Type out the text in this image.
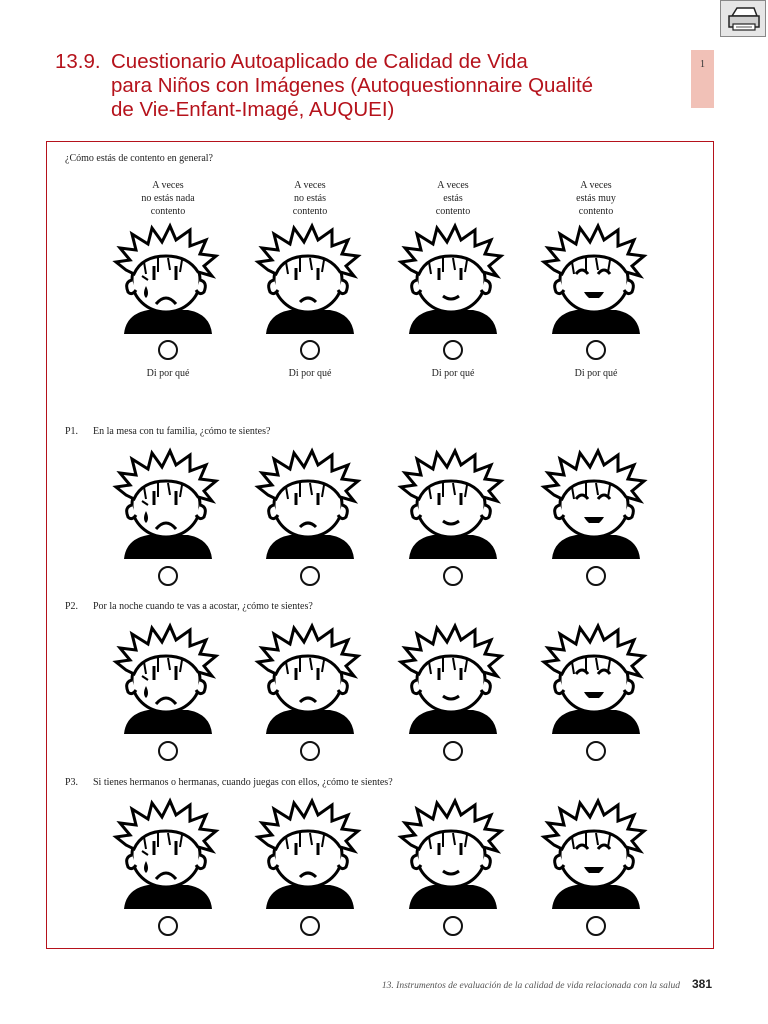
13.9. Cuestionario Autoaplicado de Calidad de Vida
para Niños con Imágenes (Autoquestionnaire Qualité
de Vie-Enfant-Imagé, AUQUEI)
1
¿Cómo estás de contento en general?
A veces
no estás nada
contento
A veces
no estás
contento
A veces
estás
contento
A veces
estás muy
contento
P1. En la mesa con tu familia, ¿cómo te sientes?
P2. Por la noche cuando te vas a acostar, ¿cómo te sientes?
P3. Si tienes hermanos o hermanas, cuando juegas con ellos, ¿cómo te sientes?
Di por qué	Di por qué	Di por qué	Di por qué
13. Instrumentos de evaluación de la calidad de vida relacionada con la salud 381
